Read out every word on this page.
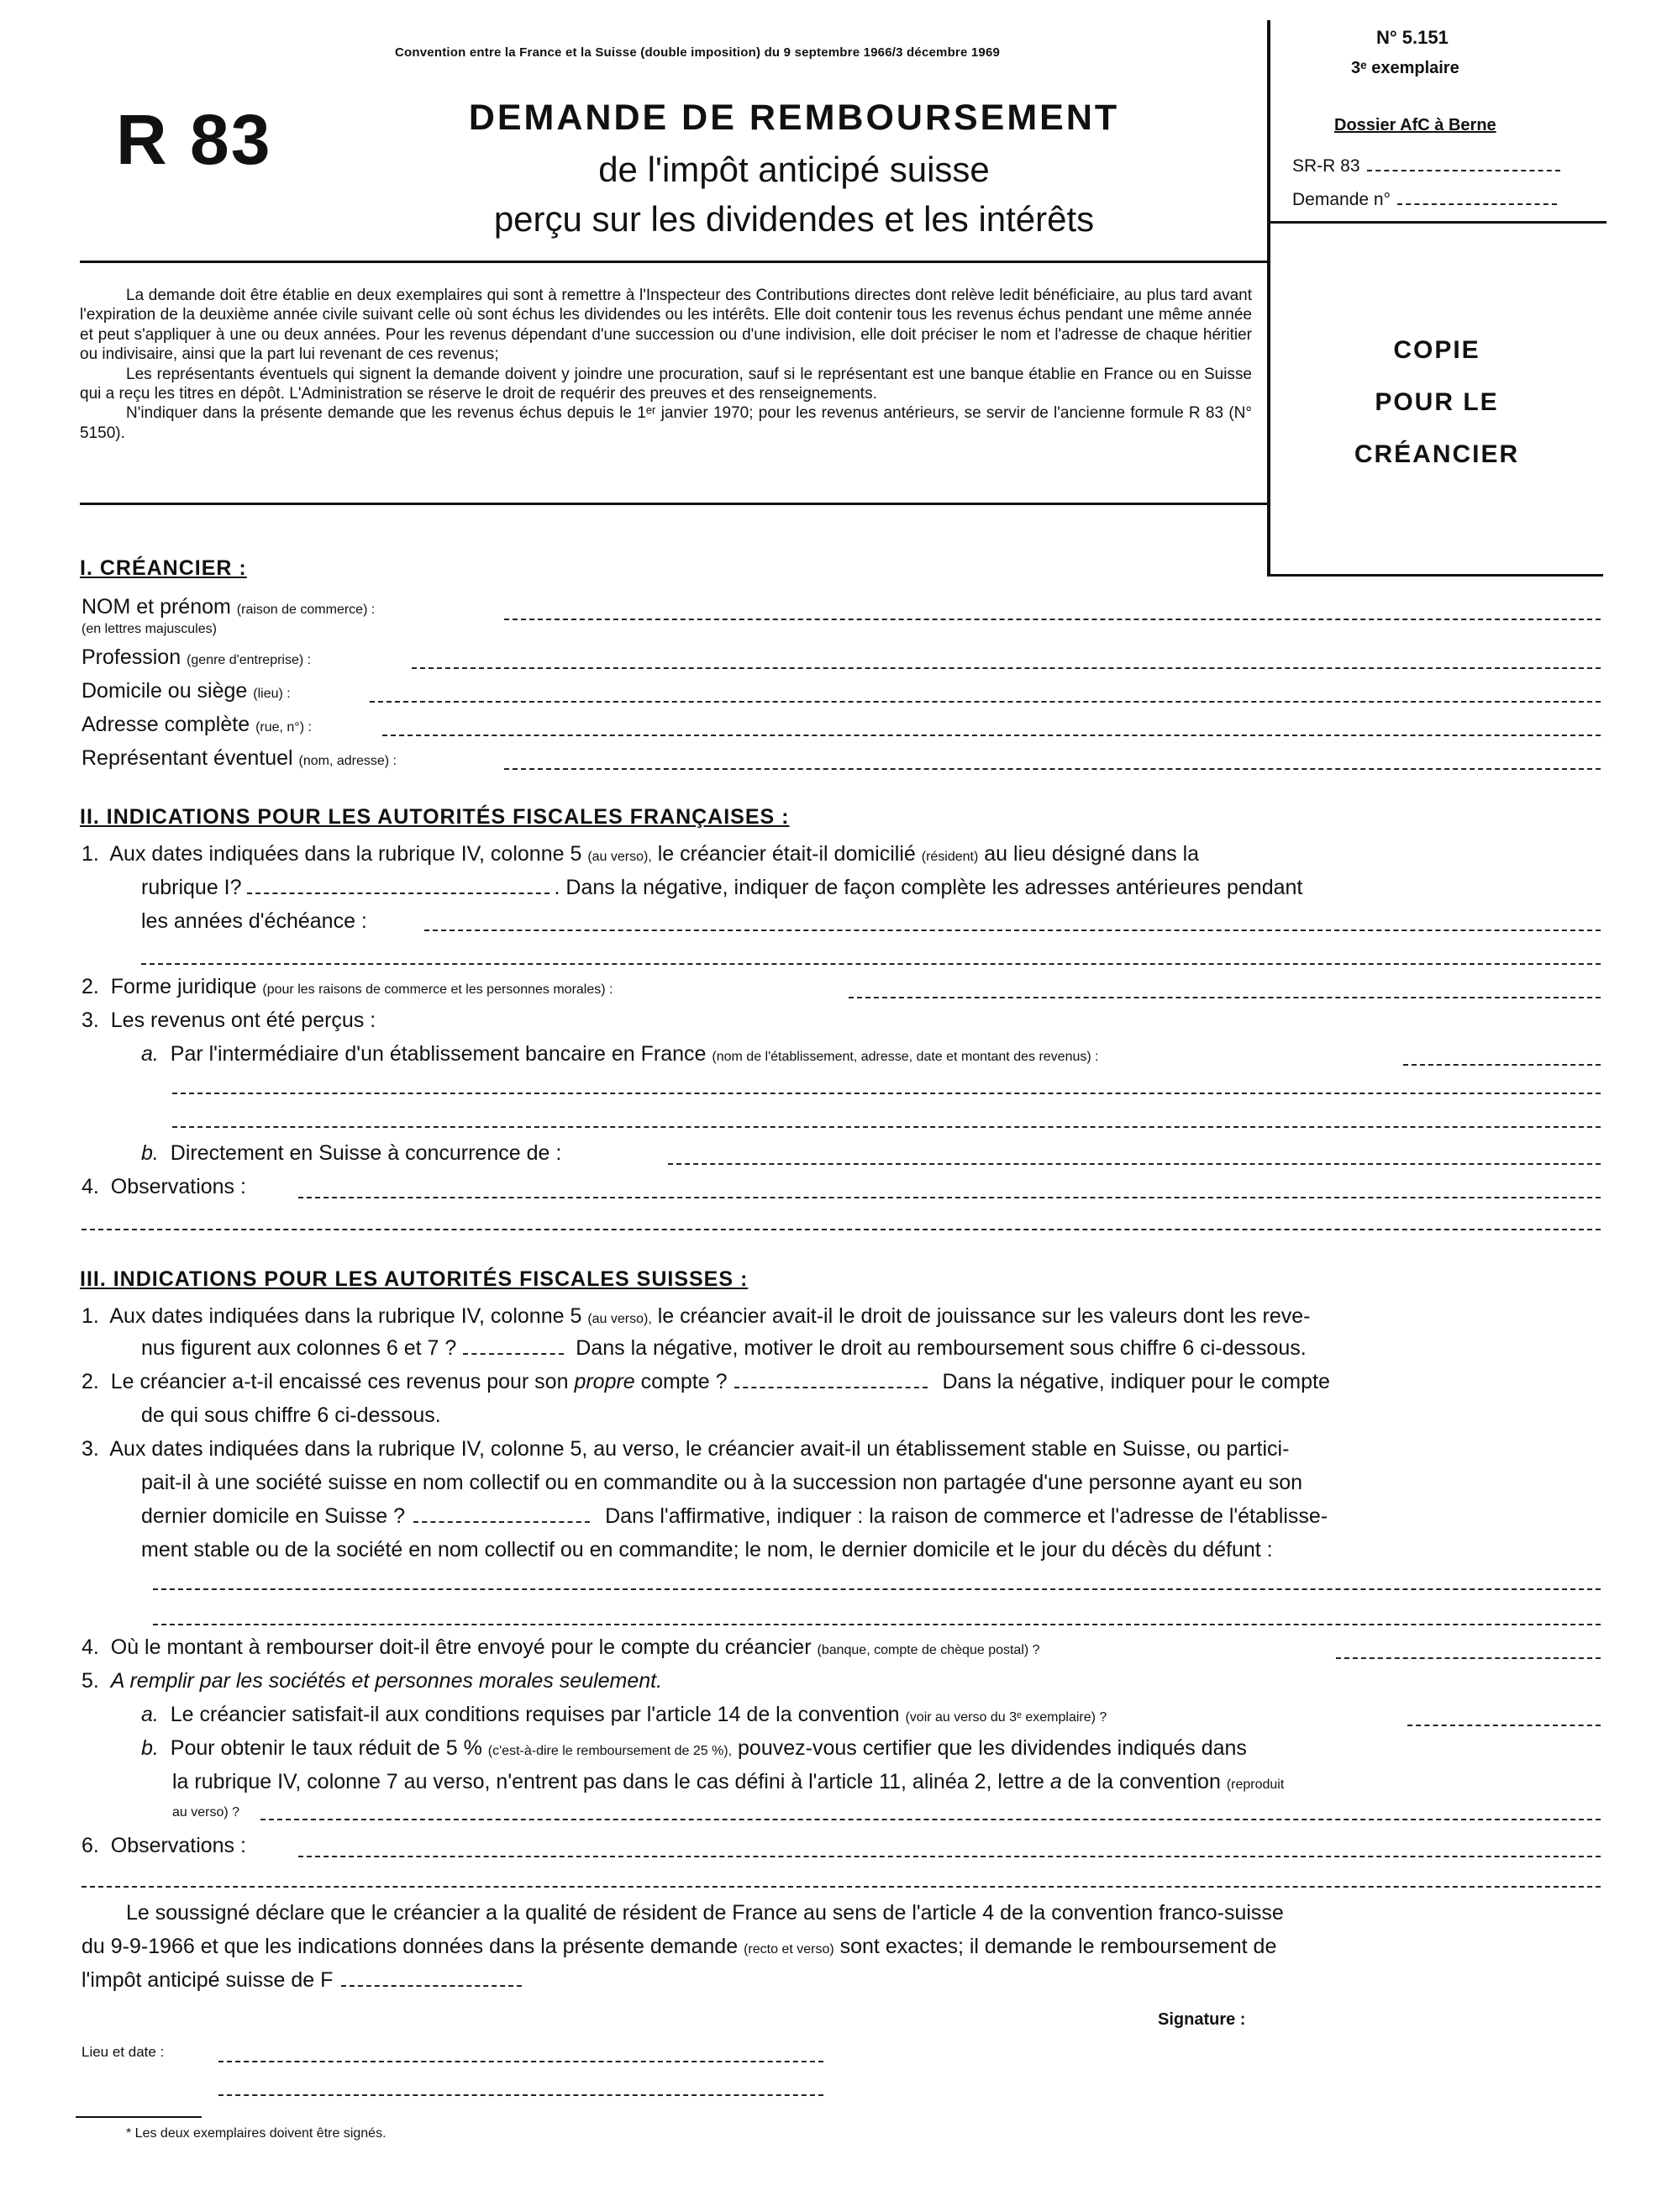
Convention entre la France et la Suisse (double imposition) du 9 septembre 1966/3 décembre 1969
R 83	DEMANDE DE REMBOURSEMENT
de l'impôt anticipé suisse
perçu sur les dividendes et les intérêts
N° 5.151
3ᵉ exemplaire
Dossier AfC à Berne
SR-R 83
Demande n°
COPIE
POUR LE
CRÉANCIER

La demande doit être établie en deux exemplaires qui sont à remettre à l'Inspecteur des Contributions directes dont relève ledit bénéficiaire, au plus tard avant l'expiration de la deuxième année civile suivant celle où sont échus les dividendes ou les intérêts. Elle doit contenir tous les revenus échus pendant une même année et peut s'appliquer à une ou deux années. Pour les revenus dépendant d'une succession ou d'une indivision, elle doit préciser le nom et l'adresse de chaque héritier ou indivisaire, ainsi que la part lui revenant de ces revenus;

Les représentants éventuels qui signent la demande doivent y joindre une procuration, sauf si le représentant est une banque établie en France ou en Suisse qui a reçu les titres en dépôt. L'Administration se réserve le droit de requérir des preuves et des renseignements.

N'indiquer dans la présente demande que les revenus échus depuis le 1ᵉʳ janvier 1970; pour les revenus antérieurs, se servir de l'ancienne formule R 83 (N° 5150).

I. CRÉANCIER :
NOM et prénom (raison de commerce) :
(en lettres majuscules)
Profession (genre d'entreprise) :
Domicile ou siège (lieu) :
Adresse complète (rue, n°) :
Représentant éventuel (nom, adresse) :
II. INDICATIONS POUR LES AUTORITÉS FISCALES FRANÇAISES :
1. Aux dates indiquées dans la rubrique IV, colonne 5 (au verso), le créancier était-il domicilié (résident) au lieu désigné dans la
rubrique I?	. Dans la négative, indiquer de façon complète les adresses antérieures pendant
les années d'échéance :
2. Forme juridique (pour les raisons de commerce et les personnes morales) :
3. Les revenus ont été perçus :
a. Par l'intermédiaire d'un établissement bancaire en France (nom de l'établissement, adresse, date et montant des revenus) :
b. Directement en Suisse à concurrence de :
4. Observations :
III. INDICATIONS POUR LES AUTORITÉS FISCALES SUISSES :
1. Aux dates indiquées dans la rubrique IV, colonne 5 (au verso), le créancier avait-il le droit de jouissance sur les valeurs dont les reve-
nus figurent aux colonnes 6 et 7 ?	Dans la négative, motiver le droit au remboursement sous chiffre 6 ci-dessous.
2. Le créancier a-t-il encaissé ces revenus pour son propre compte ?	Dans la négative, indiquer pour le compte
de qui sous chiffre 6 ci-dessous.
3. Aux dates indiquées dans la rubrique IV, colonne 5, au verso, le créancier avait-il un établissement stable en Suisse, ou partici-
pait-il à une société suisse en nom collectif ou en commandite ou à la succession non partagée d'une personne ayant eu son
dernier domicile en Suisse ?	Dans l'affirmative, indiquer : la raison de commerce et l'adresse de l'établisse-
ment stable ou de la société en nom collectif ou en commandite; le nom, le dernier domicile et le jour du décès du défunt :
4. Où le montant à rembourser doit-il être envoyé pour le compte du créancier (banque, compte de chèque postal) ?
5. A remplir par les sociétés et personnes morales seulement.
a. Le créancier satisfait-il aux conditions requises par l'article 14 de la convention (voir au verso du 3ᵉ exemplaire) ?
b. Pour obtenir le taux réduit de 5 % (c'est-à-dire le remboursement de 25 %), pouvez-vous certifier que les dividendes indiqués dans
la rubrique IV, colonne 7 au verso, n'entrent pas dans le cas défini à l'article 11, alinéa 2, lettre a de la convention (reproduit
au verso) ?
6. Observations :
Le soussigné déclare que le créancier a la qualité de résident de France au sens de l'article 4 de la convention franco-suisse
du 9-9-1966 et que les indications données dans la présente demande (recto et verso) sont exactes; il demande le remboursement de
l'impôt anticipé suisse de F
Signature :
Lieu et date :
* Les deux exemplaires doivent être signés.
